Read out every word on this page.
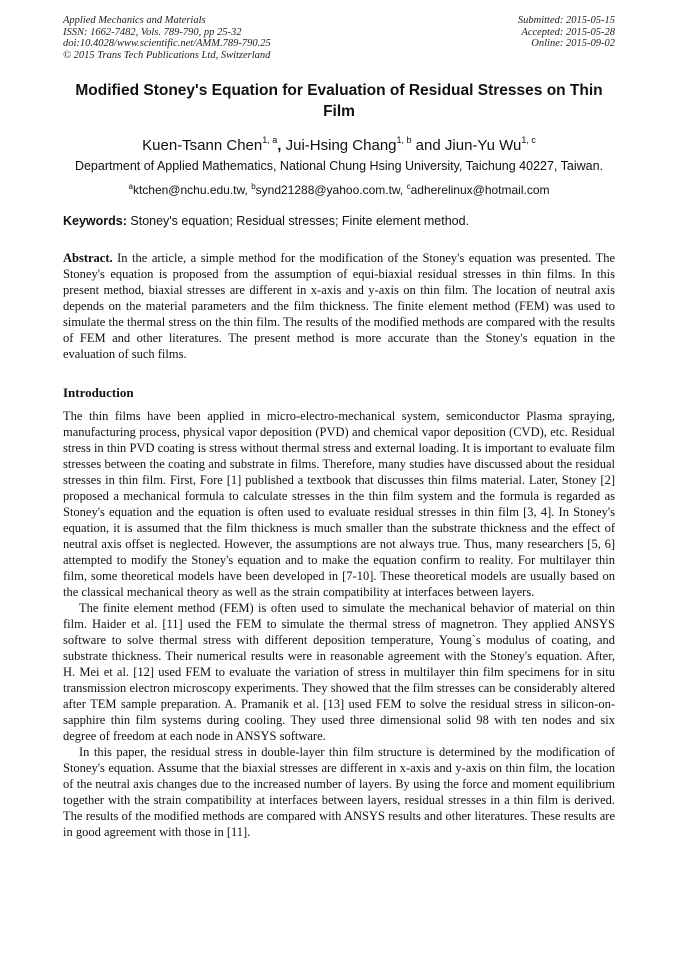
Applied Mechanics and Materials
ISSN: 1662-7482, Vols. 789-790, pp 25-32
doi:10.4028/www.scientific.net/AMM.789-790.25
© 2015 Trans Tech Publications Ltd, Switzerland
Submitted: 2015-05-15
Accepted: 2015-05-28
Online: 2015-09-02
Modified Stoney's Equation for Evaluation of Residual Stresses on Thin Film
Kuen-Tsann Chen$^{1, a}$, Jui-Hsing Chang$^{1, b}$ and Jiun-Yu Wu$^{1, c}$
Department of Applied Mathematics, National Chung Hsing University, Taichung 40227, Taiwan.
$^a$ktchen@nchu.edu.tw, $^b$synd21288@yahoo.com.tw, $^c$adherelinux@hotmail.com
Keywords: Stoney's equation; Residual stresses; Finite element method.

Abstract. In the article, a simple method for the modification of the Stoney's equation was presented. The Stoney's equation is proposed from the assumption of equi-biaxial residual stresses in thin films. In this present method, biaxial stresses are different in x-axis and y-axis on thin film. The location of neutral axis depends on the material parameters and the film thickness. The finite element method (FEM) was used to simulate the thermal stress on the thin film. The results of the modified methods are compared with the results of FEM and other literatures. The present method is more accurate than the Stoney's equation in the evaluation of such films.

Introduction

The thin films have been applied in micro-electro-mechanical system, semiconductor Plasma spraying, manufacturing process, physical vapor deposition (PVD) and chemical vapor deposition (CVD), etc. Residual stress in thin PVD coating is stress without thermal stress and external loading. It is important to evaluate film stresses between the coating and substrate in films. Therefore, many studies have discussed about the residual stresses in thin film. First, Fore [1] published a textbook that discusses thin films material. Later, Stoney [2] proposed a mechanical formula to calculate stresses in the thin film system and the formula is regarded as Stoney's equation and the equation is often used to evaluate residual stresses in thin film [3, 4]. In Stoney's equation, it is assumed that the film thickness is much smaller than the substrate thickness and the effect of neutral axis offset is neglected. However, the assumptions are not always true. Thus, many researchers [5, 6] attempted to modify the Stoney's equation and to make the equation confirm to reality. For multilayer thin film, some theoretical models have been developed in [7-10]. These theoretical models are usually based on the classical mechanical theory as well as the strain compatibility at interfaces between layers.

The finite element method (FEM) is often used to simulate the mechanical behavior of material on thin film. Haider et al. [11] used the FEM to simulate the thermal stress of magnetron. They applied ANSYS software to solve thermal stress with different deposition temperature, Young`s modulus of coating, and substrate thickness. Their numerical results were in reasonable agreement with the Stoney's equation. After, H. Mei et al. [12] used FEM to evaluate the variation of stress in multilayer thin film specimens for in situ transmission electron microscopy experiments. They showed that the film stresses can be considerably altered after TEM sample preparation. A. Pramanik et al. [13] used FEM to solve the residual stress in silicon-on-sapphire thin film systems during cooling. They used three dimensional solid 98 with ten nodes and six degree of freedom at each node in ANSYS software.

In this paper, the residual stress in double-layer thin film structure is determined by the modification of Stoney's equation. Assume that the biaxial stresses are different in x-axis and y-axis on thin film, the location of the neutral axis changes due to the increased number of layers. By using the force and moment equilibrium together with the strain compatibility at interfaces between layers, residual stresses in a thin film is derived. The results of the modified methods are compared with ANSYS results and other literatures. These results are in good agreement with those in [11].
